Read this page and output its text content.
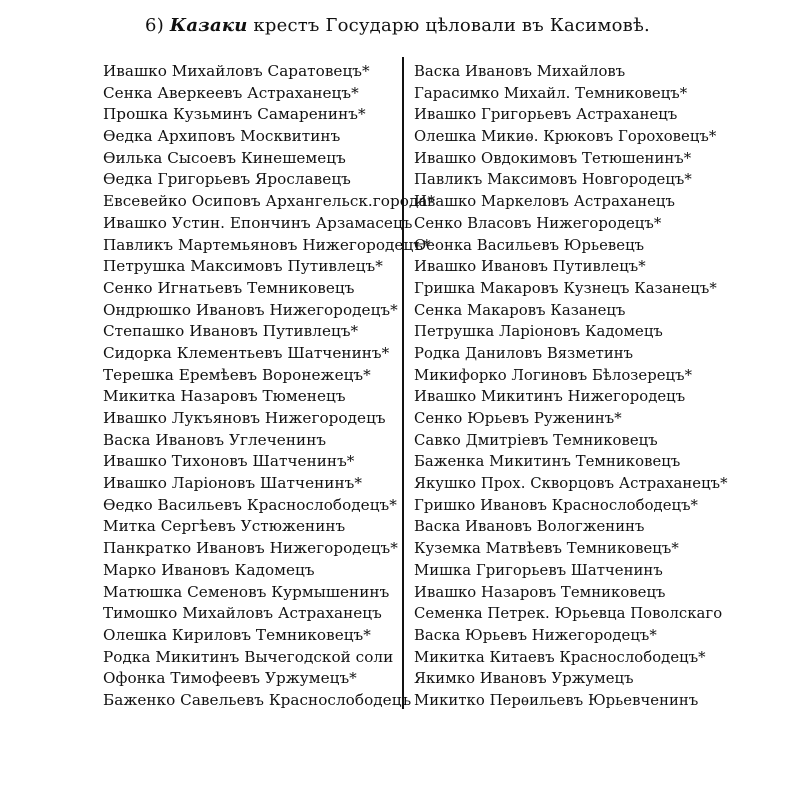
6) Казаки крестъ Государю цѣловали въ Касимовѣ.
Ивашко Михайловъ Саратовецъ*
Сенка Аверкеевъ Астраханецъ*
Прошка Кузьминъ Самаренинъ*
Ѳедка Архиповъ Москвитинъ
Ѳилька Сысоевъ Кинешемецъ
Ѳедка Григорьевъ Ярославецъ
Евсевейко Осиповъ Архангельск.города*
Ивашко Устин. Епончинъ Арзамасецъ
Павликъ Мартемьяновъ Нижегородецъ*
Петрушка Максимовъ Путивлецъ*
Сенко Игнатьевъ Темниковецъ
Ондрюшко Ивановъ Нижегородецъ*
Степашко Ивановъ Путивлецъ*
Сидорка Клементьевъ Шатченинъ*
Терешка Еремѣевъ Воронежецъ*
Микитка Назаровъ Тюменецъ
Ивашко Лукъяновъ Нижегородецъ
Васка Ивановъ Углеченинъ
Ивашко Тихоновъ Шатченинъ*
Ивашко Ларіоновъ Шатченинъ*
Ѳедко Васильевъ Краснослободецъ*
Митка Сергѣевъ Устюженинъ
Панкратко Ивановъ Нижегородецъ*
Марко Ивановъ Кадомецъ
Матюшка Семеновъ Курмышенинъ
Тимошко Михайловъ Астраханецъ
Олешка Кириловъ Темниковецъ*
Родка Микитинъ Вычегодской соли
Офонка Тимофеевъ Уржумецъ*
Баженко Савельевъ Краснослободецъ
Васка Ивановъ Михайловъ
Гарасимко Михайл. Темниковецъ*
Ивашко Григорьевъ Астраханецъ
Олешка Микиѳ. Крюковъ Гороховецъ*
Ивашко Овдокимовъ Тетюшенинъ*
Павликъ Максимовъ Новгородецъ*
Ивашко Маркеловъ Астраханецъ
Сенко Власовъ Нижегородецъ*
Ѳеонка Васильевъ Юрьевецъ
Ивашко Ивановъ Путивлецъ*
Гришка Макаровъ Кузнецъ Казанецъ*
Сенка Макаровъ Казанецъ
Петрушка Ларіоновъ Кадомецъ
Родка Даниловъ Вязметинъ
Микифорко Логиновъ Бѣлозерецъ*
Ивашко Микитинъ Нижегородецъ
Сенко Юрьевъ Руженинъ*
Савко Дмитріевъ Темниковецъ
Баженка Микитинъ Темниковецъ
Якушко Прох. Скворцовъ Астраханецъ*
Гришко Ивановъ Краснослободецъ*
Васка Ивановъ Вологженинъ
Куземка Матвѣевъ Темниковецъ*
Мишка Григорьевъ Шатченинъ
Ивашко Назаровъ Темниковецъ
Семенка Петрек. Юрьевца Поволскаго
Васка Юрьевъ Нижегородецъ*
Микитка Китаевъ Краснослободецъ*
Якимко Ивановъ Уржумецъ
Микитко Перѳильевъ Юрьевченинъ
